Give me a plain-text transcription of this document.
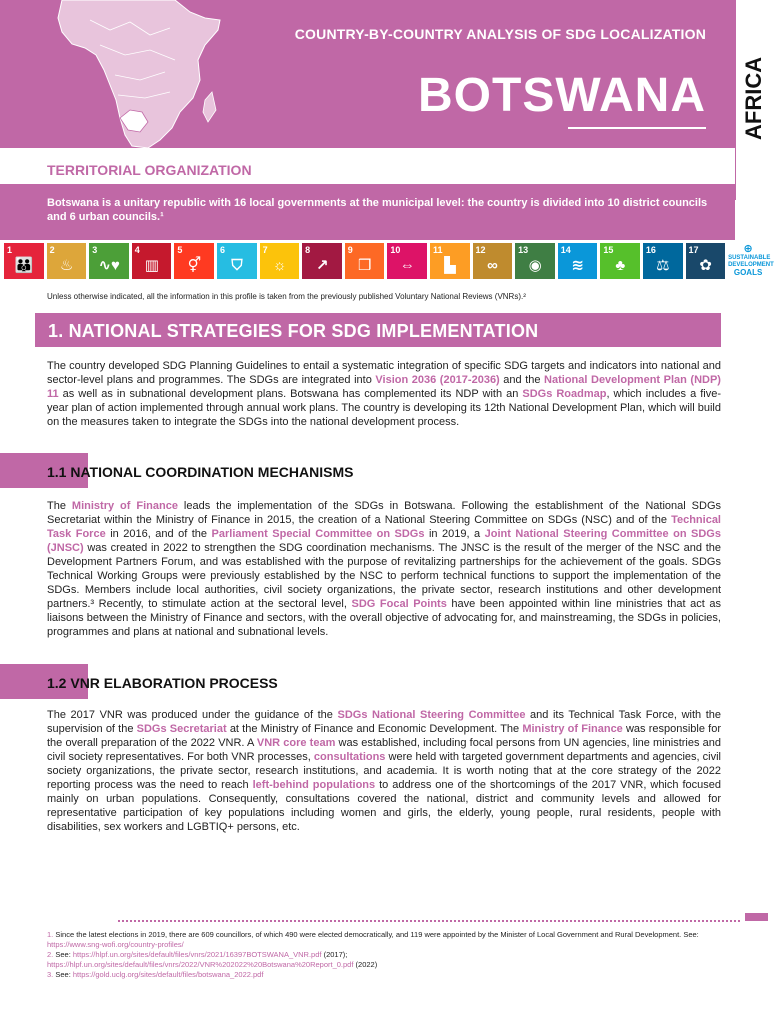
COUNTRY-BY-COUNTRY ANALYSIS OF SDG LOCALIZATION
BOTSWANA AFRICA
TERRITORIAL ORGANIZATION
Botswana is a unitary republic with 16 local governments at the municipal level: the country is divided into 10 district councils and 6 urban councils.¹
1
👪
2
♨
3
∿♥
4
▥
5
⚥
6
⛉
7
☼
8
↗
9
❒
10
⇔
11
▙
12
∞
13
◉
14
≋
15
♣
16
⚖
17
✿
⊕
SUSTAINABLE
DEVELOPMENT
GOALS
Unless otherwise indicated, all the information in this profile is taken from the previously published Voluntary National Reviews (VNRs).²
1. NATIONAL STRATEGIES FOR SDG IMPLEMENTATION
The country developed SDG Planning Guidelines to entail a systematic integration of specific SDG targets and indicators into national and sector-level plans and programmes. The SDGs are integrated into Vision 2036 (2017-2036) and the National Development Plan (NDP) 11 as well as in subnational development plans. Botswana has complemented its NDP with an SDGs Roadmap, which includes a five-year plan of action implemented through annual work plans. The country is developing its 12th National Development Plan, which will build on the measures taken to integrate the SDGs into the national development process.
1.1 NATIONAL COORDINATION MECHANISMS
The Ministry of Finance leads the implementation of the SDGs in Botswana. Following the establishment of the National SDGs Secretariat within the Ministry of Finance in 2015, the creation of a National Steering Committee on SDGs (NSC) and of the Technical Task Force in 2016, and of the Parliament Special Committee on SDGs in 2019, a Joint National Steering Committee on SDGs (JNSC) was created in 2022 to strengthen the SDG coordination mechanisms. The JNSC is the result of the merger of the NSC and the Development Partners Forum, and was established with the purpose of revitalizing partnerships for the achievement of the goals. SDGs Technical Working Groups were previously established by the NSC to perform technical functions to support the implementation of the SDGs. Members include local authorities, civil society organizations, the private sector, research institutions and other development partners.³ Recently, to stimulate action at the sectoral level, SDG Focal Points have been appointed within line ministries that act as liaisons between the Ministry of Finance and sectors, with the overall objective of advocating for, and mainstreaming, the SDGs in policies, programmes and plans at national and subnational levels.
1.2 VNR ELABORATION PROCESS
The 2017 VNR was produced under the guidance of the SDGs National Steering Committee and its Technical Task Force, with the supervision of the SDGs Secretariat at the Ministry of Finance and Economic Development. The Ministry of Finance was responsible for the overall preparation of the 2022 VNR. A VNR core team was established, including focal persons from UN agencies, line ministries and civil society representatives. For both VNR processes, consultations were held with targeted government departments and agencies, civil society organizations, the private sector, research institutions, and academia. It is worth noting that at the core strategy of the 2022 reporting process was the need to reach left-behind populations to address one of the shortcomings of the 2017 VNR, which focused mainly on urban populations. Consequently, consultations covered the national, district and community levels and allowed for representative participation of key populations including women and girls, the elderly, young people, rural residents, people with disabilities, sex workers and LGBTIQ+ persons, etc.
1. Since the latest elections in 2019, there are 609 councillors, of which 490 were elected democratically, and 119 were appointed by the Minister of Local Government and Rural Development. See: https://www.sng-wofi.org/country-profiles/
2. See: https://hlpf.un.org/sites/default/files/vnrs/2021/16397BOTSWANA_VNR.pdf (2017);
https://hlpf.un.org/sites/default/files/vnrs/2022/VNR%202022%20Botswana%20Report_0.pdf (2022)
3. See: https://gold.uclg.org/sites/default/files/botswana_2022.pdf
